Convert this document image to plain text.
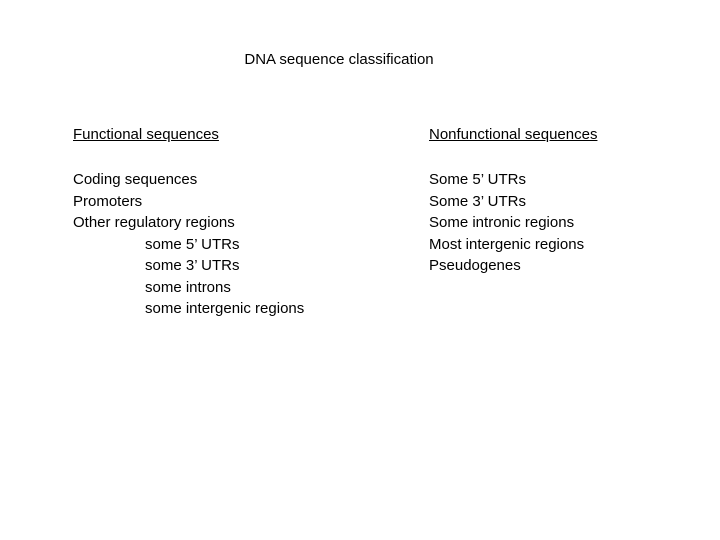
DNA sequence classification
Functional sequences
Coding sequences
Promoters
Other regulatory regions
some 5’ UTRs
some 3’ UTRs
some introns
some intergenic regions
Nonfunctional sequences
Some 5’ UTRs
Some 3’ UTRs
Some intronic regions
Most intergenic regions
Pseudogenes
